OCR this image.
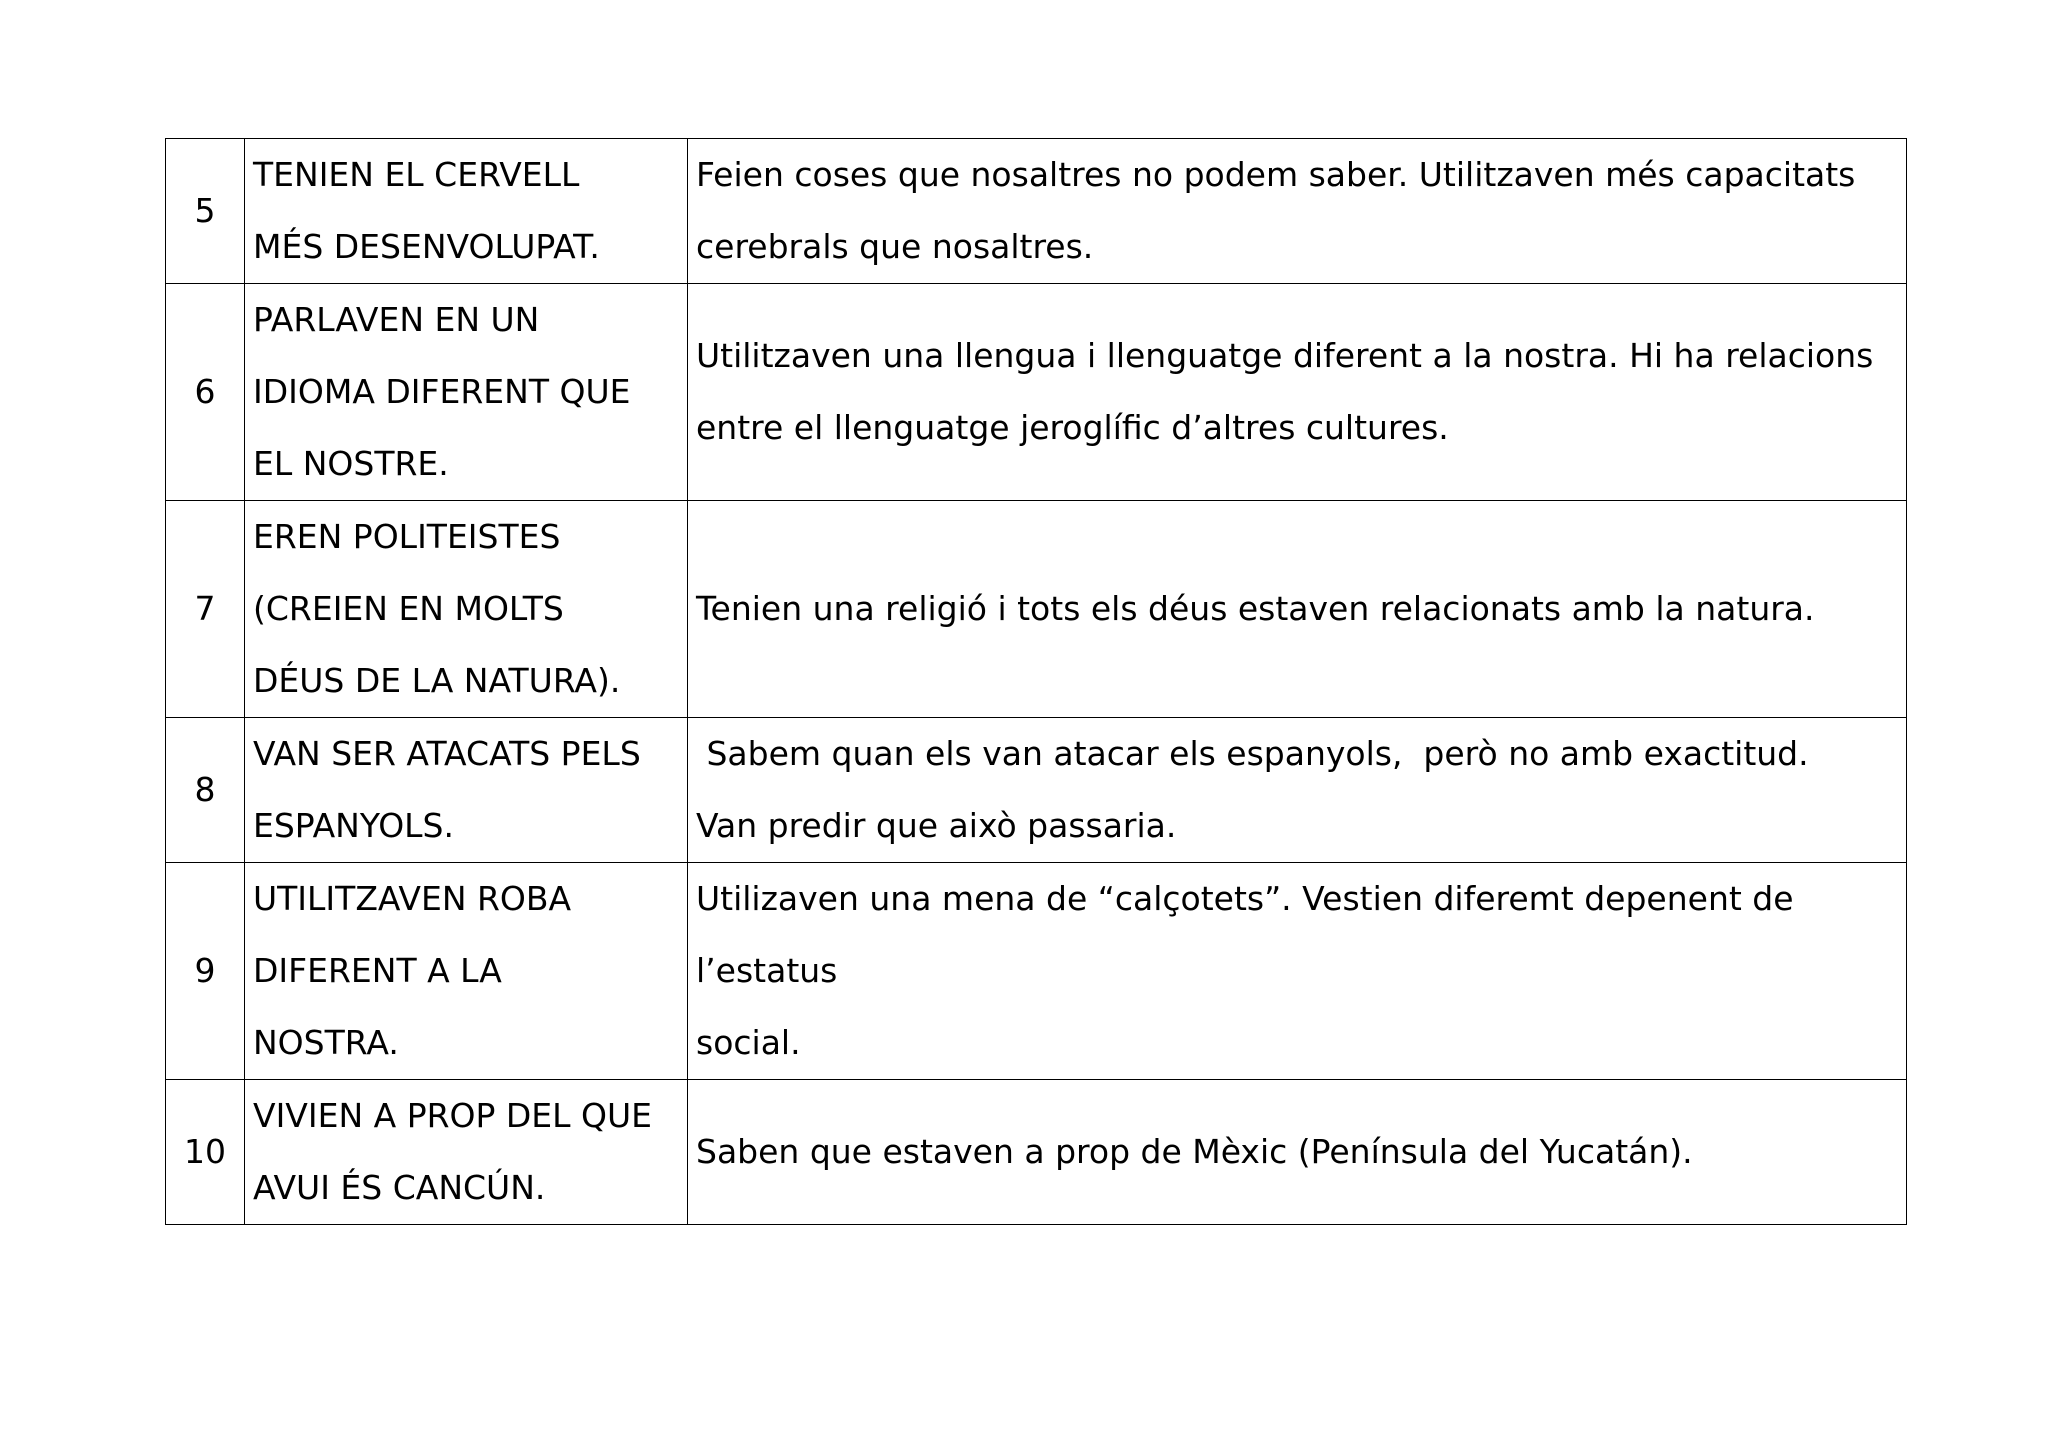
5	TENIEN EL CERVELL
MÉS DESENVOLUPAT.	Feien coses que nosaltres no podem saber. Utilitzaven més capacitats
cerebrals que nosaltres.

6	PARLAVEN EN UN
IDIOMA DIFERENT QUE
EL NOSTRE.	Utilitzaven una llengua i llenguatge diferent a la nostra. Hi ha relacions
entre el llenguatge jeroglífic d’altres cultures.

7	EREN POLITEISTES
(CREIEN EN MOLTS
DÉUS DE LA NATURA).	Tenien una religió i tots els déus estaven relacionats amb la natura.

8	VAN SER ATACATS PELS
ESPANYOLS.	Sabem quan els van atacar els espanyols,  però no amb exactitud.
Van predir que això passaria.

9	UTILITZAVEN ROBA
DIFERENT A LA
NOSTRA.	Utilizaven una mena de “calçotets”. Vestien diferemt depenent de l’estatus
social.

10	VIVIEN A PROP DEL QUE
AVUI ÉS CANCÚN.	Saben que estaven a prop de Mèxic (Península del Yucatán).
